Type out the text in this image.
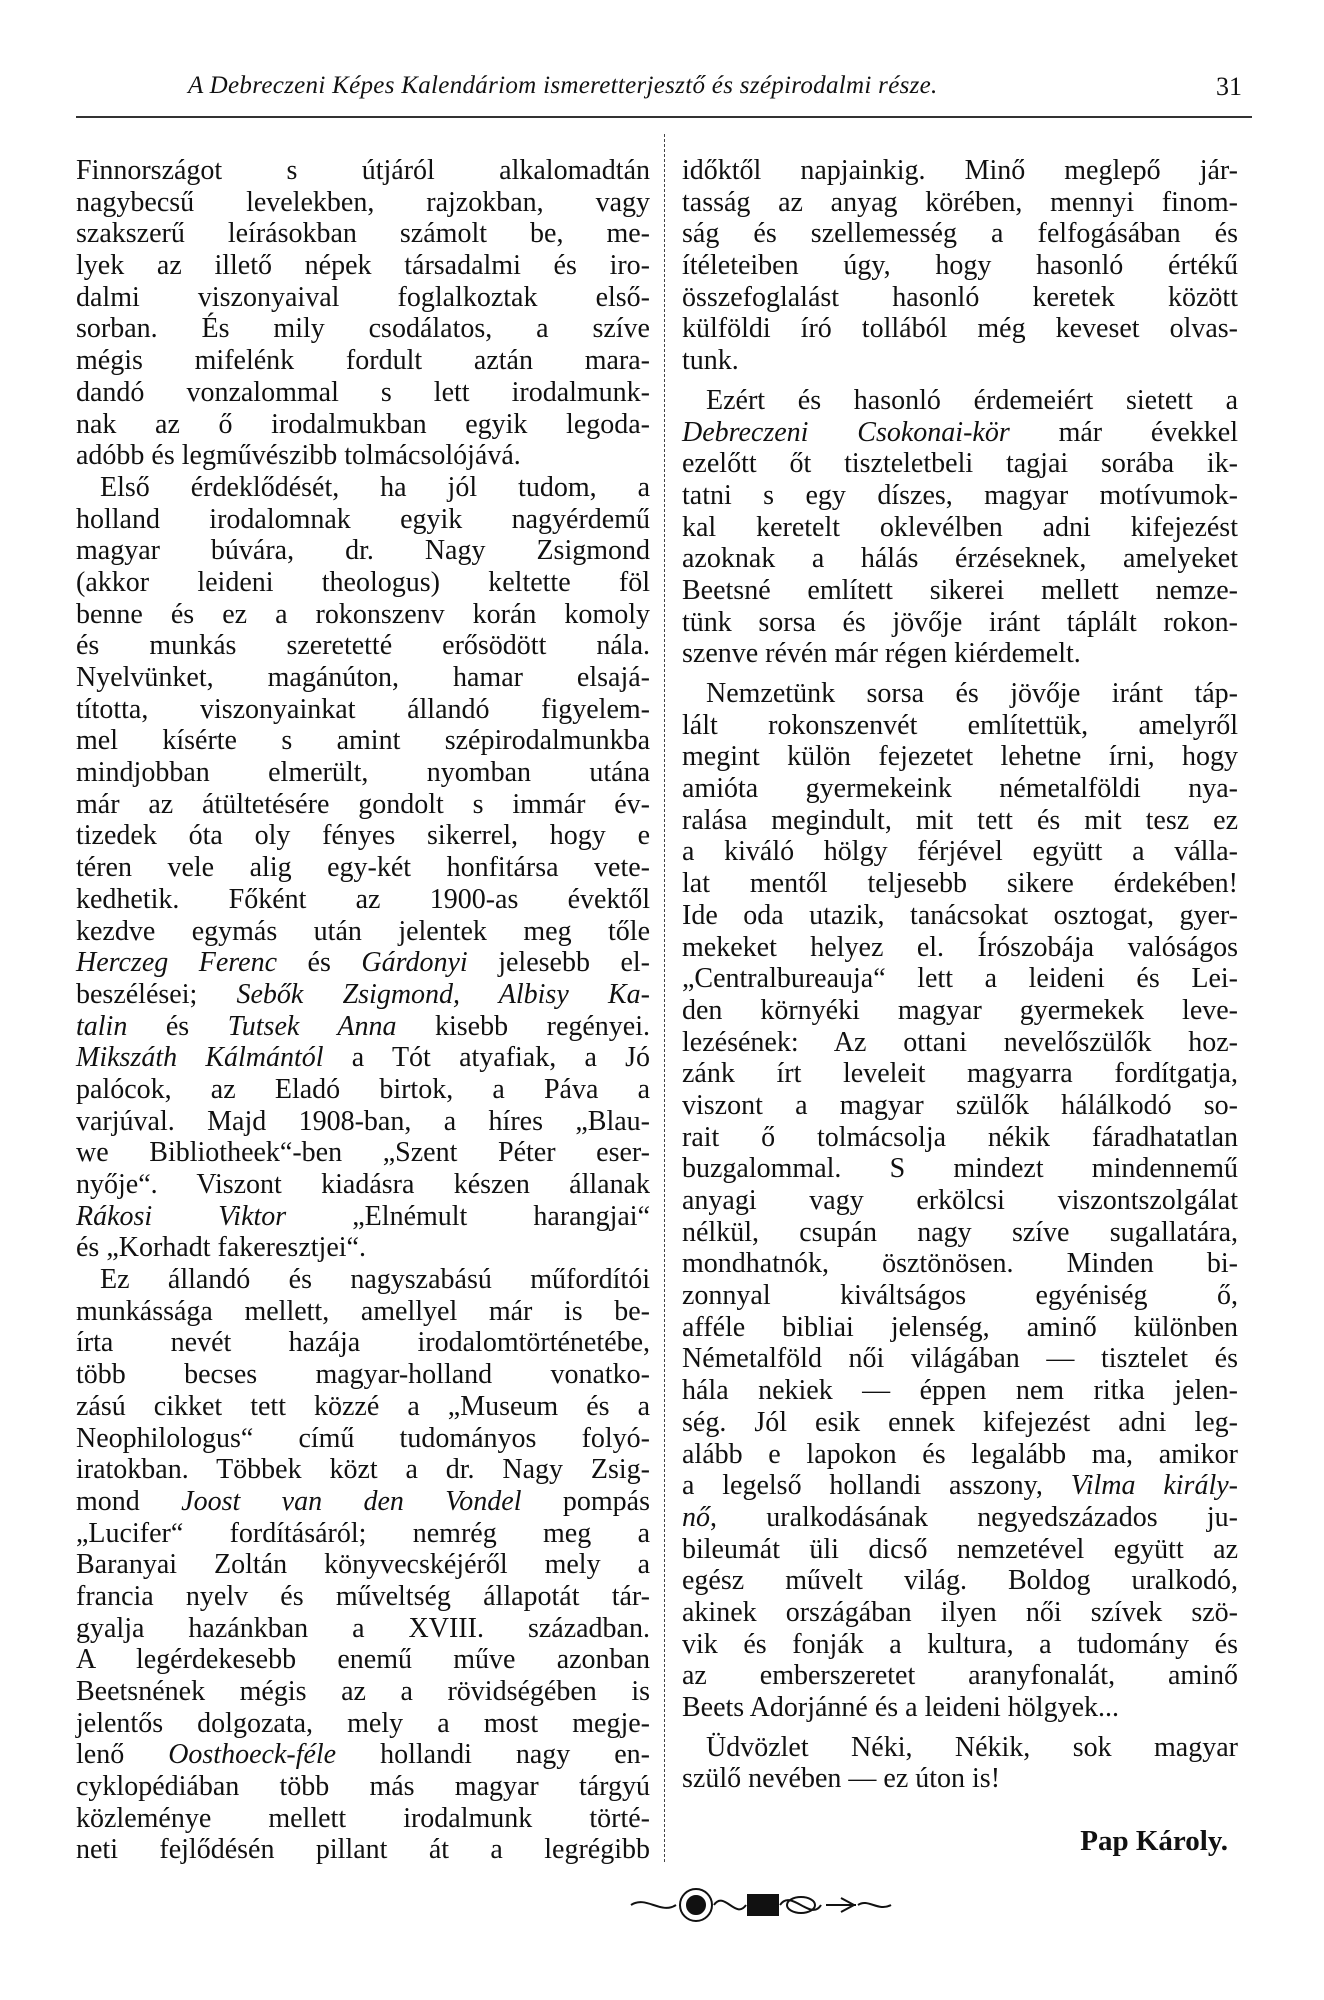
A Debreczeni Képes Kalendáriom ismeretterjesztő és szépirodalmi része.	31
Finnországot s útjáról alkalomadtán
nagybecsű levelekben, rajzokban, vagy
szakszerű leírásokban számolt be, me-
lyek az illető népek társadalmi és iro-
dalmi viszonyaival foglalkoztak első-
sorban. És mily csodálatos, a szíve
mégis mifelénk fordult aztán mara-
dandó vonzalommal s lett irodalmunk-
nak az ő irodalmukban egyik legoda-
adóbb és legművészibb tolmácsolójává.
Első érdeklődését, ha jól tudom, a
holland irodalomnak egyik nagyérdemű
magyar búvára, dr. Nagy Zsigmond
(akkor leideni theologus) keltette föl
benne és ez a rokonszenv korán komoly
és munkás szeretetté erősödött nála.
Nyelvünket, magánúton, hamar elsajá-
tította, viszonyainkat állandó figyelem-
mel kísérte s amint szépirodalmunkba
mindjobban elmerült, nyomban utána
már az átültetésére gondolt s immár év-
tizedek óta oly fényes sikerrel, hogy e
téren vele alig egy-két honfitársa vete-
kedhetik. Főként az 1900-as évektől
kezdve egymás után jelentek meg tőle
Herczeg Ferenc és Gárdonyi jelesebb el-
beszélései; Sebők Zsigmond, Albisy Ka-
talin és Tutsek Anna kisebb regényei.
Mikszáth Kálmántól a Tót atyafiak, a Jó
palócok, az Eladó birtok, a Páva a
varjúval. Majd 1908-ban, a híres „Blau-
we Bibliotheek“-ben „Szent Péter eser-
nyője“. Viszont kiadásra készen állanak
Rákosi Viktor „Elnémult harangjai“
és „Korhadt fakeresztjei“.
Ez állandó és nagyszabású műfordítói
munkássága mellett, amellyel már is be-
írta nevét hazája irodalomtörténetébe,
több becses magyar-holland vonatko-
zású cikket tett közzé a „Museum és a
Neophilologus“ című tudományos folyó-
iratokban. Többek közt a dr. Nagy Zsig-
mond Joost van den Vondel pompás
„Lucifer“ fordításáról; nemrég meg a
Baranyai Zoltán könyvecskéjéről mely a
francia nyelv és műveltség állapotát tár-
gyalja hazánkban a XVIII. században.
A legérdekesebb enemű műve azonban
Beetsnének mégis az a rövidségében is
jelentős dolgozata, mely a most megje-
lenő Oosthoeck-féle hollandi nagy en-
cyklopédiában több más magyar tárgyú
közleménye mellett irodalmunk törté-
neti fejlődésén pillant át a legrégibb
időktől napjainkig. Minő meglepő jár-
tasság az anyag körében, mennyi finom-
ság és szellemesség a felfogásában és
ítéleteiben úgy, hogy hasonló értékű
összefoglalást hasonló keretek között
külföldi író tollából még keveset olvas-
tunk.
Ezért és hasonló érdemeiért sietett a
Debreczeni Csokonai-kör már évekkel
ezelőtt őt tiszteletbeli tagjai sorába ik-
tatni s egy díszes, magyar motívumok-
kal keretelt oklevélben adni kifejezést
azoknak a hálás érzéseknek, amelyeket
Beetsné említett sikerei mellett nemze-
tünk sorsa és jövője iránt táplált rokon-
szenve révén már régen kiérdemelt.
Nemzetünk sorsa és jövője iránt táp-
lált rokonszenvét említettük, amelyről
megint külön fejezetet lehetne írni, hogy
amióta gyermekeink németalföldi nya-
ralása megindult, mit tett és mit tesz ez
a kiváló hölgy férjével együtt a válla-
lat mentől teljesebb sikere érdekében!
Ide oda utazik, tanácsokat osztogat, gyer-
mekeket helyez el. Írószobája valóságos
„Centralbureauja“ lett a leideni és Lei-
den környéki magyar gyermekek leve-
lezésének: Az ottani nevelőszülők hoz-
zánk írt leveleit magyarra fordítgatja,
viszont a magyar szülők hálálkodó so-
rait ő tolmácsolja nékik fáradhatatlan
buzgalommal. S mindezt mindennemű
anyagi vagy erkölcsi viszontszolgálat
nélkül, csupán nagy szíve sugallatára,
mondhatnók, ösztönösen. Minden bi-
zonnyal kiváltságos egyéniség ő,
afféle bibliai jelenség, aminő különben
Németalföld női világában — tisztelet és
hála nekiek — éppen nem ritka jelen-
ség. Jól esik ennek kifejezést adni leg-
alább e lapokon és legalább ma, amikor
a legelső hollandi asszony, Vilma király-
nő, uralkodásának negyedszázados ju-
bileumát üli dicső nemzetével együtt az
egész művelt világ. Boldog uralkodó,
akinek országában ilyen női szívek szö-
vik és fonják a kultura, a tudomány és
az emberszeretet aranyfonalát, aminő
Beets Adorjánné és a leideni hölgyek...
Üdvözlet Néki, Nékik, sok magyar
szülő nevében — ez úton is!
Pap Károly.
